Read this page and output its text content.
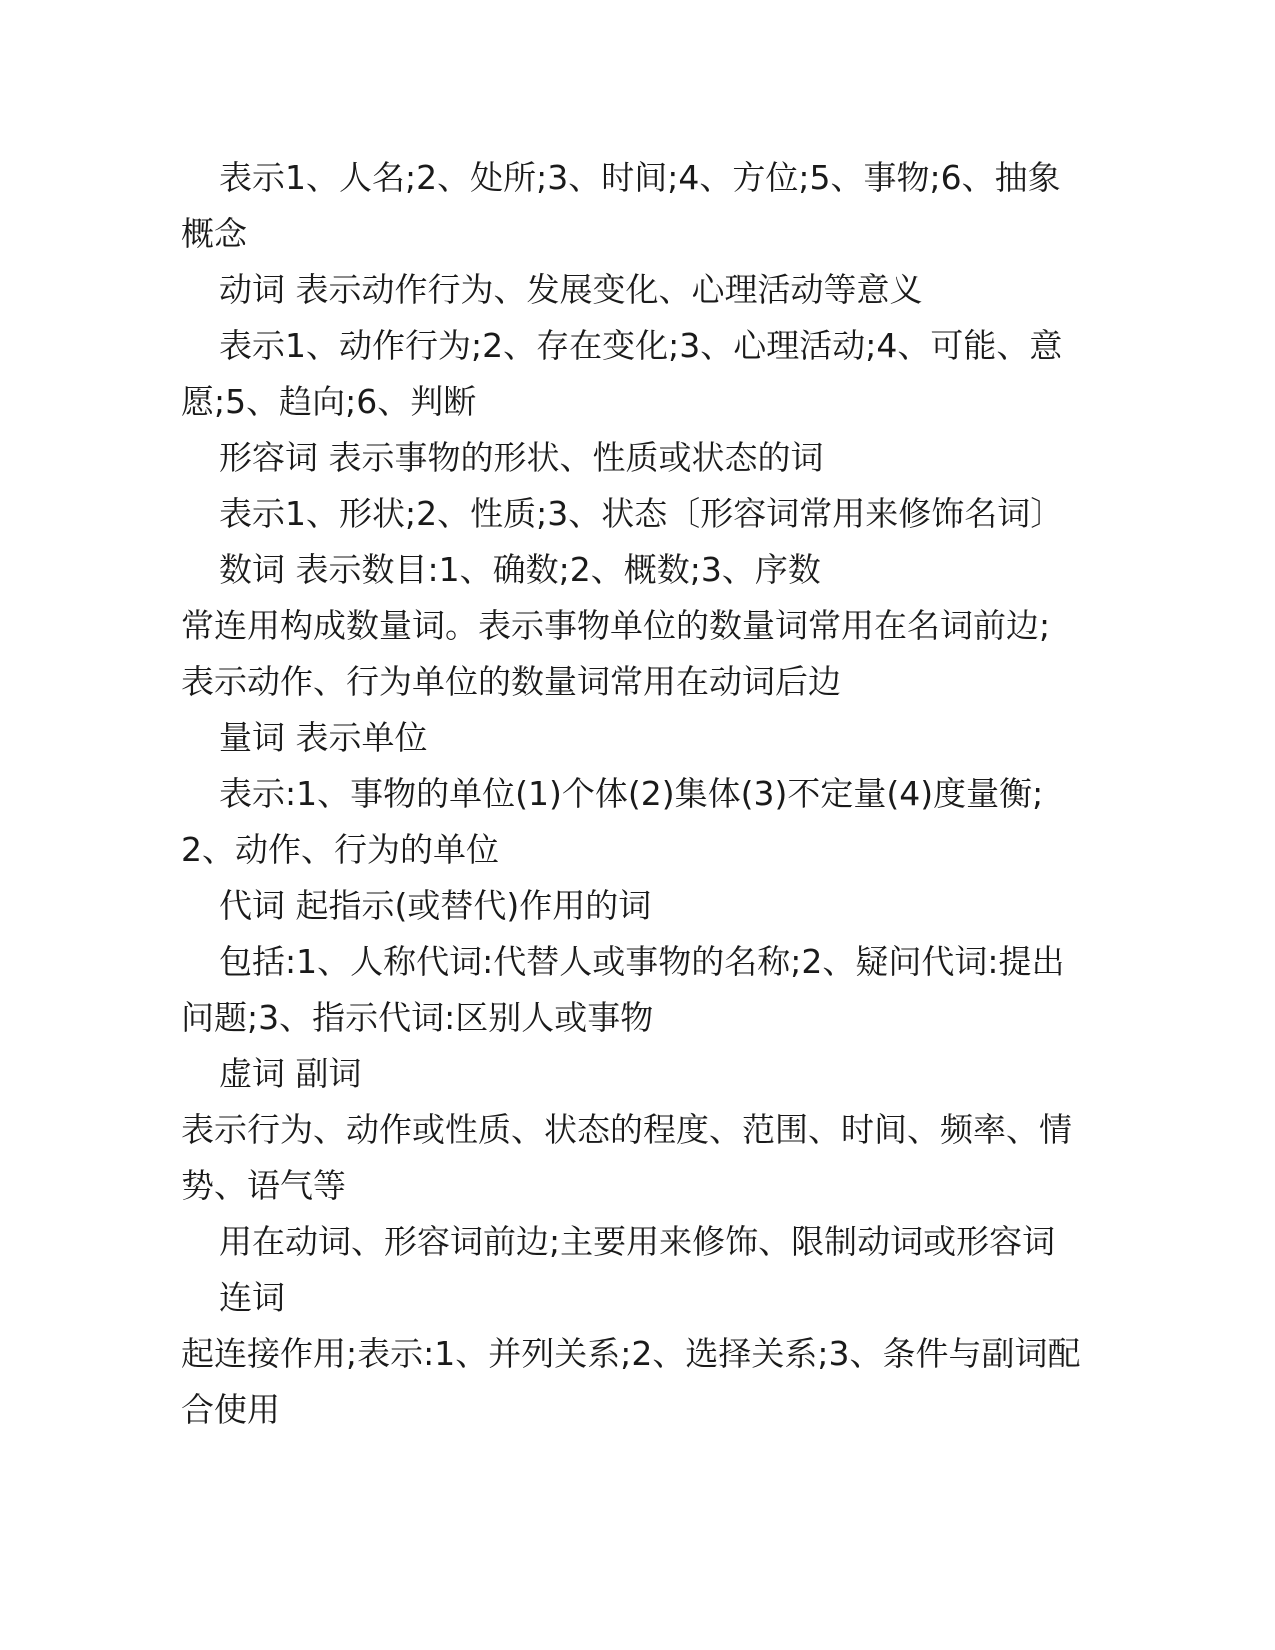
表示1、人名;2、处所;3、时间;4、方位;5、事物;6、抽象概念

动词 表示动作行为、发展变化、心理活动等意义

表示1、动作行为;2、存在变化;3、心理活动;4、可能、意愿;5、趋向;6、判断

形容词 表示事物的形状、性质或状态的词

表示1、形状;2、性质;3、状态〔形容词常用来修饰名词〕

数词 表示数目:1、确数;2、概数;3、序数

常连用构成数量词。表示事物单位的数量词常用在名词前边;表示动作、行为单位的数量词常用在动词后边

量词 表示单位

表示:1、事物的单位(1)个体(2)集体(3)不定量(4)度量衡;2、动作、行为的单位

代词 起指示(或替代)作用的词

包括:1、人称代词:代替人或事物的名称;2、疑问代词:提出问题;3、指示代词:区别人或事物

虚词 副词

表示行为、动作或性质、状态的程度、范围、时间、频率、情势、语气等

用在动词、形容词前边;主要用来修饰、限制动词或形容词

连词

起连接作用;表示:1、并列关系;2、选择关系;3、条件与副词配合使用
